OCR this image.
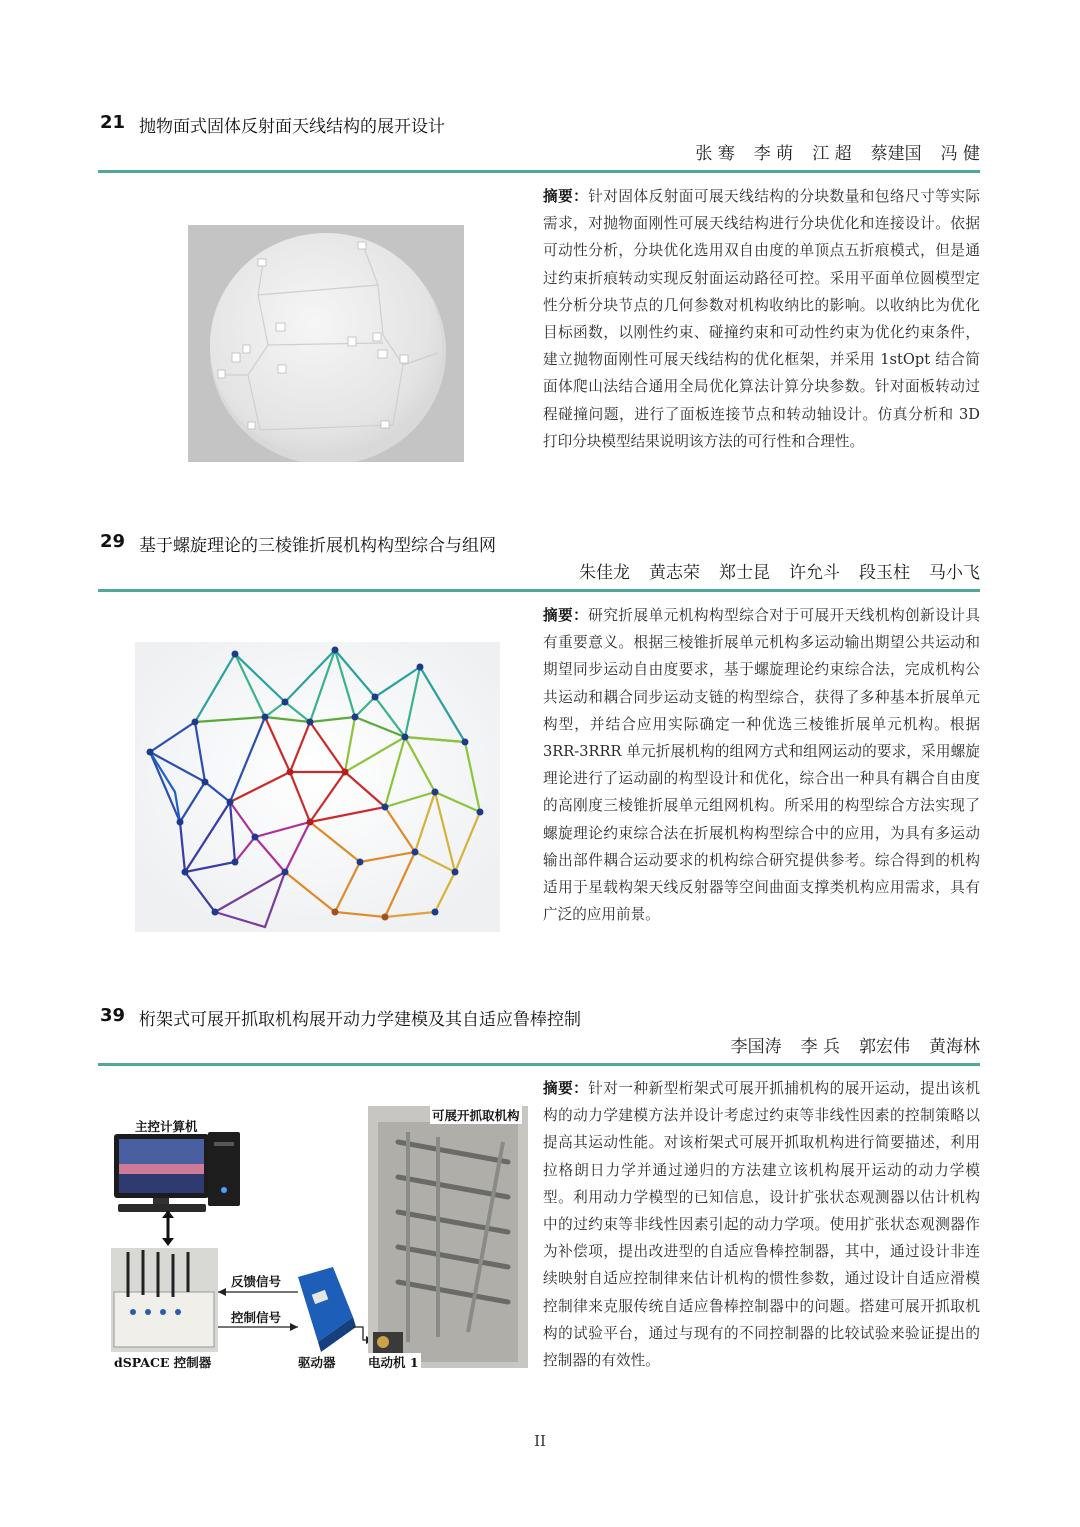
21 抛物面式固体反射面天线结构的展开设计
张 骞 李 萌 江 超 蔡建国 冯 健
摘要：针对固体反射面可展天线结构的分块数量和包络尺寸等实际需求，对抛物面刚性可展天线结构进行分块优化和连接设计。依据可动性分析，分块优化选用双自由度的单顶点五折痕模式，但是通过约束折痕转动实现反射面运动路径可控。采用平面单位圆模型定性分析分块节点的几何参数对机构收纳比的影响。以收纳比为优化目标函数，以刚性约束、碰撞约束和可动性约束为优化约束条件，建立抛物面刚性可展天线结构的优化框架，并采用 1stOpt 结合简面体爬山法结合通用全局优化算法计算分块参数。针对面板转动过程碰撞问题，进行了面板连接节点和转动轴设计。仿真分析和 3D 打印分块模型结果说明该方法的可行性和合理性。
29 基于螺旋理论的三棱锥折展机构构型综合与组网
朱佳龙 黄志荣 郑士昆 许允斗 段玉柱 马小飞
摘要：研究折展单元机构构型综合对于可展开天线机构创新设计具有重要意义。根据三棱锥折展单元机构多运动输出期望公共运动和期望同步运动自由度要求，基于螺旋理论约束综合法，完成机构公共运动和耦合同步运动支链的构型综合，获得了多种基本折展单元构型，并结合应用实际确定一种优选三棱锥折展单元机构。根据 3RR-3RRR 单元折展机构的组网方式和组网运动的要求，采用螺旋理论进行了运动副的构型设计和优化，综合出一种具有耦合自由度的高刚度三棱锥折展单元组网机构。所采用的构型综合方法实现了螺旋理论约束综合法在折展机构构型综合中的应用，为具有多运动输出部件耦合运动要求的机构综合研究提供参考。综合得到的机构适用于星载构架天线反射器等空间曲面支撑类机构应用需求，具有广泛的应用前景。
39 桁架式可展开抓取机构展开动力学建模及其自适应鲁棒控制
李国涛 李 兵 郭宏伟 黄海林
主控计算机
可展开抓取机构
反馈信号
控制信号
dSPACE 控制器	驱动器	电动机 1
摘要：针对一种新型桁架式可展开抓捕机构的展开运动，提出该机构的动力学建模方法并设计考虑过约束等非线性因素的控制策略以提高其运动性能。对该桁架式可展开抓取机构进行简要描述，利用拉格朗日力学并通过递归的方法建立该机构展开运动的动力学模型。利用动力学模型的已知信息，设计扩张状态观测器以估计机构中的过约束等非线性因素引起的动力学项。使用扩张状态观测器作为补偿项，提出改进型的自适应鲁棒控制器，其中，通过设计非连续映射自适应控制律来估计机构的惯性参数，通过设计自适应滑模控制律来克服传统自适应鲁棒控制器中的问题。搭建可展开抓取机构的试验平台，通过与现有的不同控制器的比较试验来验证提出的控制器的有效性。
II
